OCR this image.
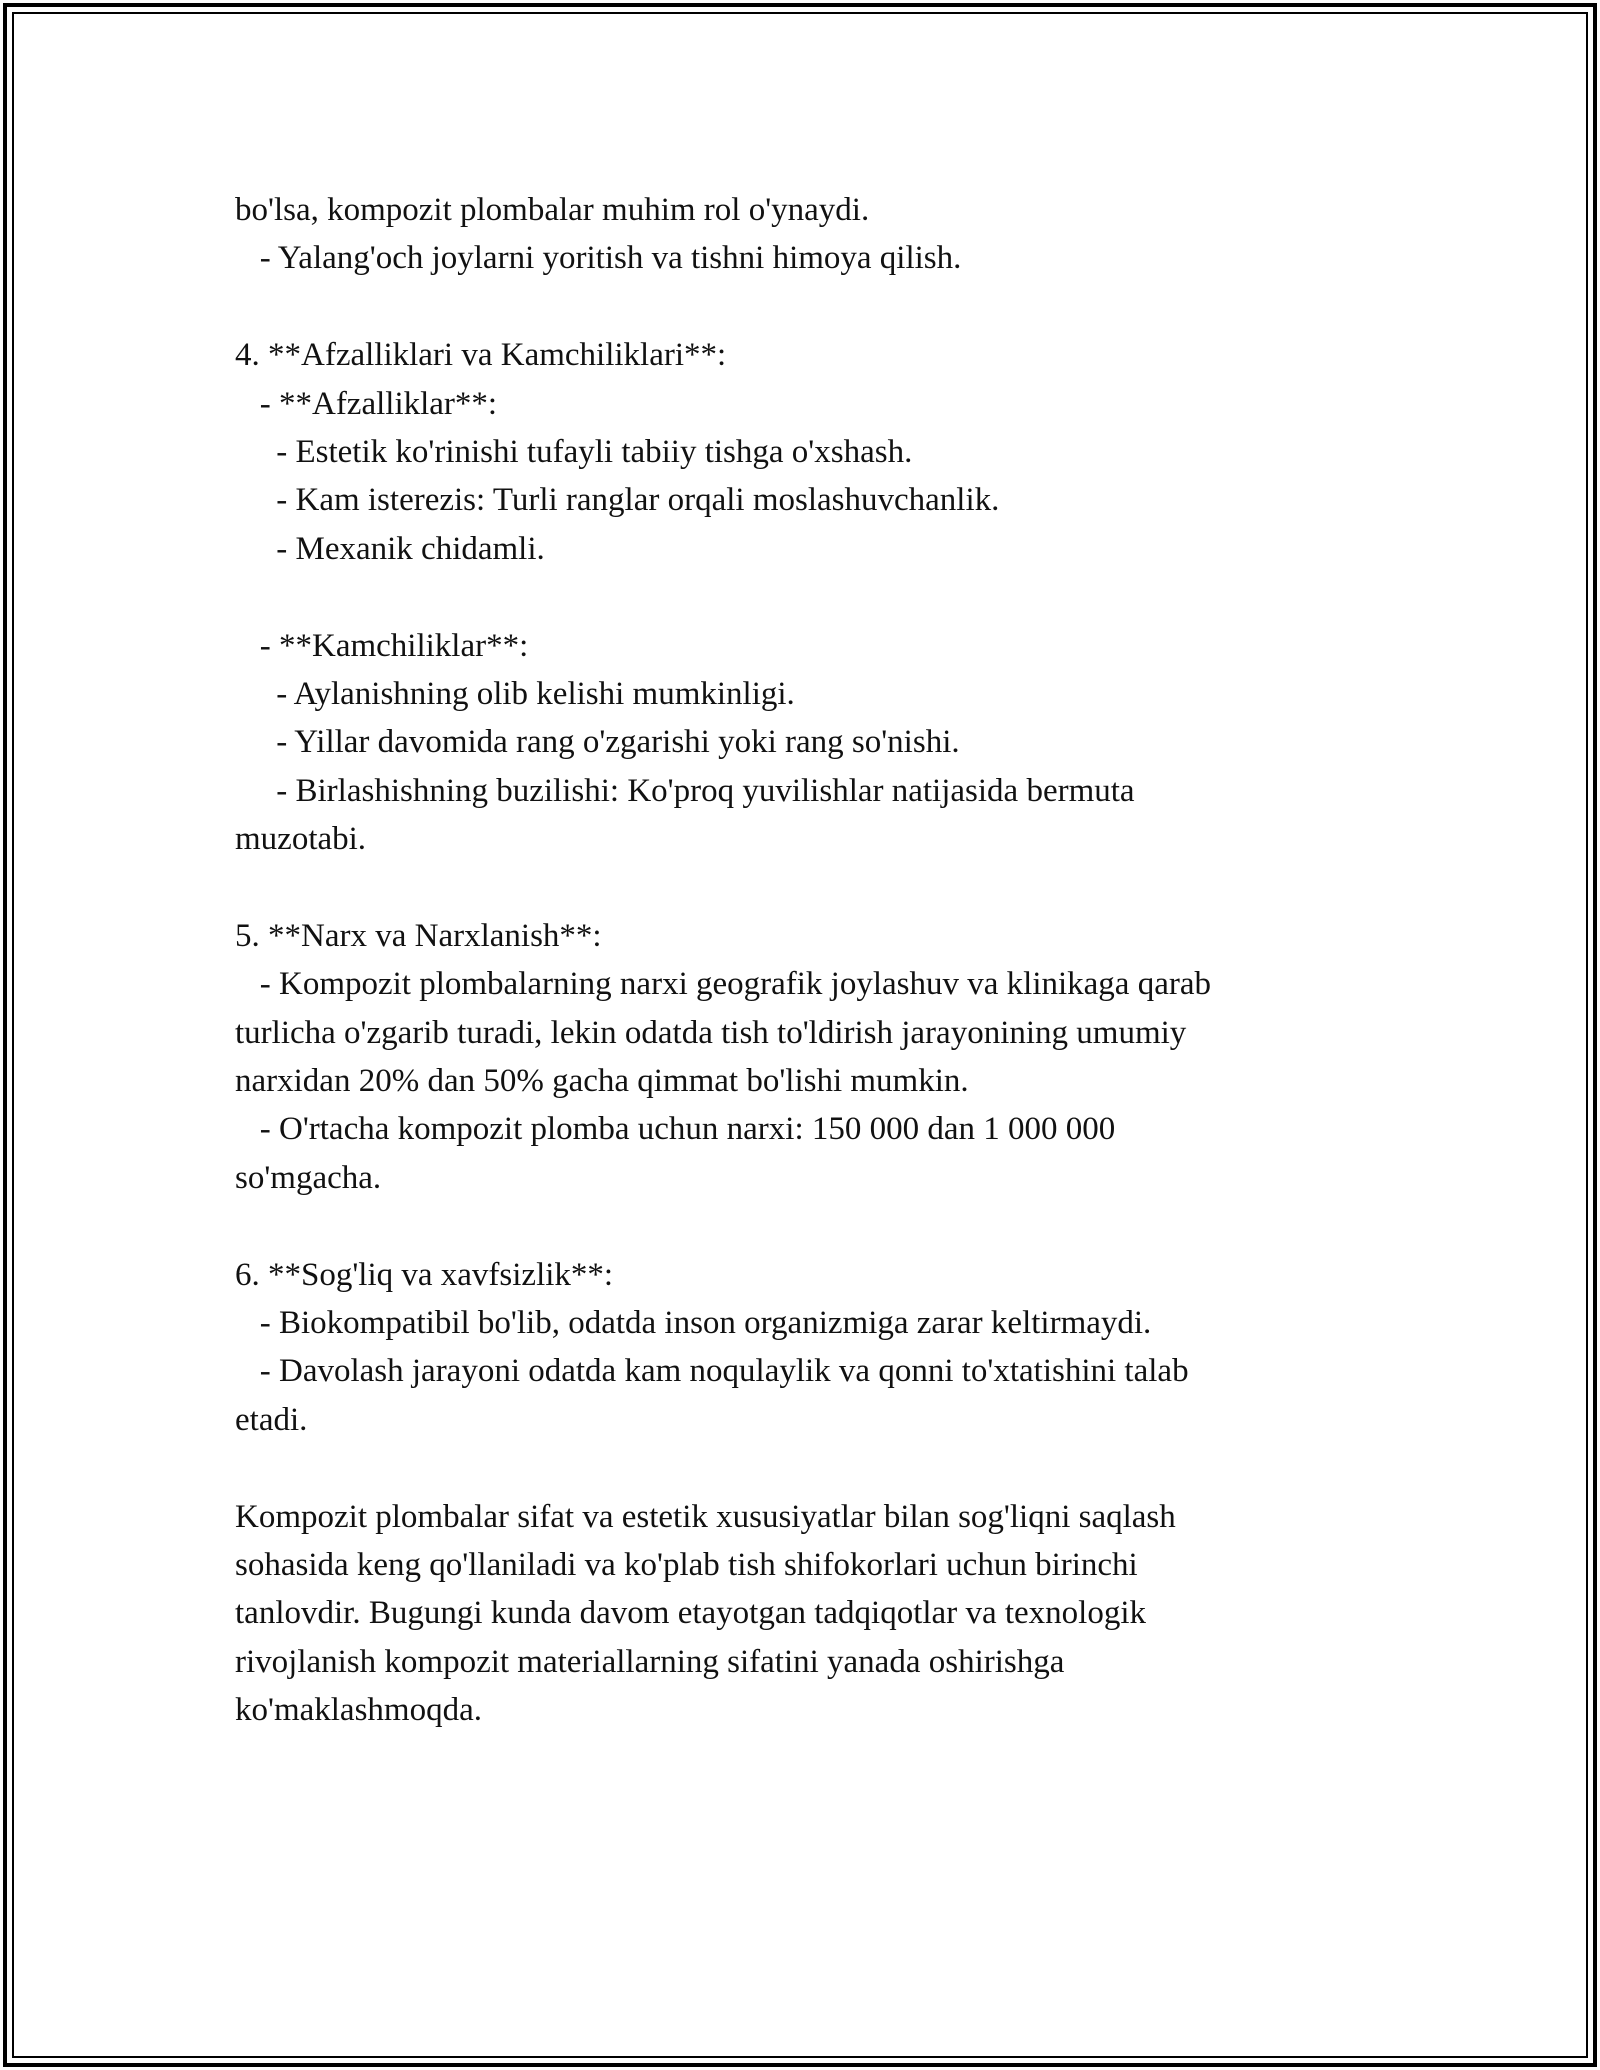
bo'lsa, kompozit plombalar muhim rol o'ynaydi.
- Yalang'och joylarni yoritish va tishni himoya qilish.
4. **Afzalliklari va Kamchiliklari**:
- **Afzalliklar**:
- Estetik ko'rinishi tufayli tabiiy tishga o'xshash.
- Kam isterezis: Turli ranglar orqali moslashuvchanlik.
- Mexanik chidamli.
- **Kamchiliklar**:
- Aylanishning olib kelishi mumkinligi.
- Yillar davomida rang o'zgarishi yoki rang so'nishi.
- Birlashishning buzilishi: Ko'proq yuvilishlar natijasida bermuta
muzotabi.
5. **Narx va Narxlanish**:
- Kompozit plombalarning narxi geografik joylashuv va klinikaga qarab
turlicha o'zgarib turadi, lekin odatda tish to'ldirish jarayonining umumiy
narxidan 20% dan 50% gacha qimmat bo'lishi mumkin.
- O'rtacha kompozit plomba uchun narxi: 150 000 dan 1 000 000
so'mgacha.
6. **Sog'liq va xavfsizlik**:
- Biokompatibil bo'lib, odatda inson organizmiga zarar keltirmaydi.
- Davolash jarayoni odatda kam noqulaylik va qonni to'xtatishini talab
etadi.
Kompozit plombalar sifat va estetik xususiyatlar bilan sog'liqni saqlash
sohasida keng qo'llaniladi va ko'plab tish shifokorlari uchun birinchi
tanlovdir. Bugungi kunda davom etayotgan tadqiqotlar va texnologik
rivojlanish kompozit materiallarning sifatini yanada oshirishga
ko'maklashmoqda.
